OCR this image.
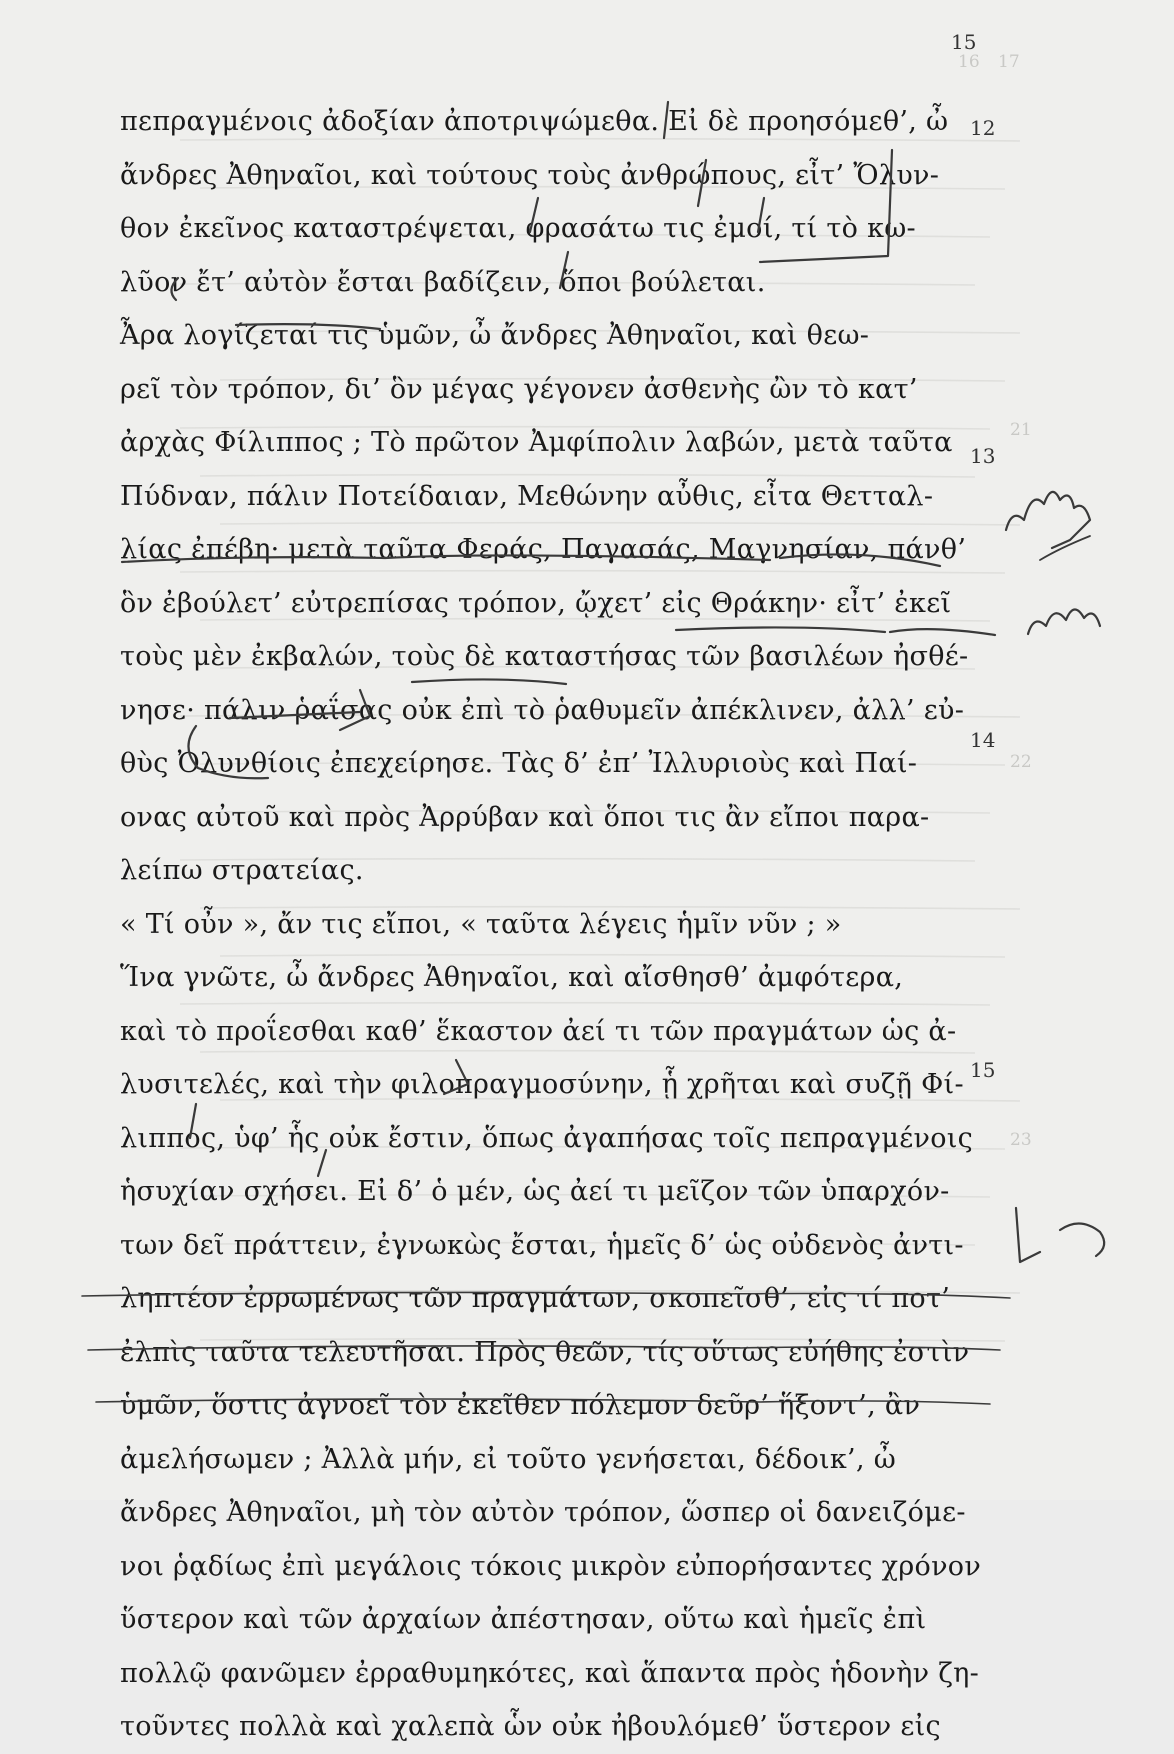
16 17
21
22
23
15
πεπραγμένοις ἀδοξίαν ἀποτριψώμεθα. Εἰ δὲ προησόμεθ’, ὦ
ἄνδρες Ἀθηναῖοι, καὶ τούτους τοὺς ἀνθρώπους, εἶτ’ Ὄλυν-
θον ἐκεῖνος καταστρέψεται, φρασάτω τις ἐμοί, τί τὸ κω-
λῦον ἔτ’ αὐτὸν ἔσται βαδίζειν, ὅποι βούλεται.
Ἆρα λογίζεταί τις ὑμῶν, ὦ ἄνδρες Ἀθηναῖοι, καὶ θεω-
ρεῖ τὸν τρόπον, δι’ ὃν μέγας γέγονεν ἀσθενὴς ὢν τὸ κατ’
ἀρχὰς Φίλιππος ; Τὸ πρῶτον Ἀμφίπολιν λαβών, μετὰ ταῦτα
Πύδναν, πάλιν Ποτείδαιαν, Μεθώνην αὖθις, εἶτα Θετταλ-
λίας ἐπέβη· μετὰ ταῦτα Φεράς, Παγασάς, Μαγνησίαν, πάνθ’
ὃν ἐβούλετ’ εὐτρεπίσας τρόπον, ᾤχετ’ εἰς Θράκην· εἶτ’ ἐκεῖ
τοὺς μὲν ἐκβαλών, τοὺς δὲ καταστήσας τῶν βασιλέων ἠσθέ-
νησε· πάλιν ῥαΐσας οὐκ ἐπὶ τὸ ῥαθυμεῖν ἀπέκλινεν, ἀλλ’ εὐ-
θὺς Ὀλυνθίοις ἐπεχείρησε. Τὰς δ’ ἐπ’ Ἰλλυριοὺς καὶ Παί-
ονας αὐτοῦ καὶ πρὸς Ἀρρύβαν καὶ ὅποι τις ἂν εἴποι παρα-
λείπω στρατείας.
« Τί οὖν », ἄν τις εἴποι, « ταῦτα λέγεις ἡμῖν νῦν ; »
Ἵνα γνῶτε, ὦ ἄνδρες Ἀθηναῖοι, καὶ αἴσθησθ’ ἀμφότερα,
καὶ τὸ προΐεσθαι καθ’ ἕκαστον ἀεί τι τῶν πραγμάτων ὡς ἀ-
λυσιτελές, καὶ τὴν φιλοπραγμοσύνην, ᾗ χρῆται καὶ συζῇ Φί-
λιππος, ὑφ’ ἧς οὐκ ἔστιν, ὅπως ἀγαπήσας τοῖς πεπραγμένοις
ἡσυχίαν σχήσει. Εἰ δ’ ὁ μέν, ὡς ἀεί τι μεῖζον τῶν ὑπαρχόν-
των δεῖ πράττειν, ἐγνωκὼς ἔσται, ἡμεῖς δ’ ὡς οὐδενὸς ἀντι-
ληπτέον ἐρρωμένως τῶν πραγμάτων, σκοπεῖσθ’, εἰς τί ποτ’
ἐλπὶς ταῦτα τελευτῆσαι. Πρὸς θεῶν, τίς οὕτως εὐήθης ἐστὶν
ὑμῶν, ὅστις ἀγνοεῖ τὸν ἐκεῖθεν πόλεμον δεῦρ’ ἥξοντ’, ἂν
ἀμελήσωμεν ; Ἀλλὰ μήν, εἰ τοῦτο γενήσεται, δέδοικ’, ὦ
ἄνδρες Ἀθηναῖοι, μὴ τὸν αὐτὸν τρόπον, ὥσπερ οἱ δανειζόμε-
νοι ῥᾳδίως ἐπὶ μεγάλοις τόκοις μικρὸν εὐπορήσαντες χρόνον
ὕστερον καὶ τῶν ἀρχαίων ἀπέστησαν, οὕτω καὶ ἡμεῖς ἐπὶ
πολλῷ φανῶμεν ἐρραθυμηκότες, καὶ ἅπαντα πρὸς ἡδονὴν ζη-
τοῦντες πολλὰ καὶ χαλεπὰ ὧν οὐκ ἠβουλόμεθ’ ὕστερον εἰς
12
13
14
15
